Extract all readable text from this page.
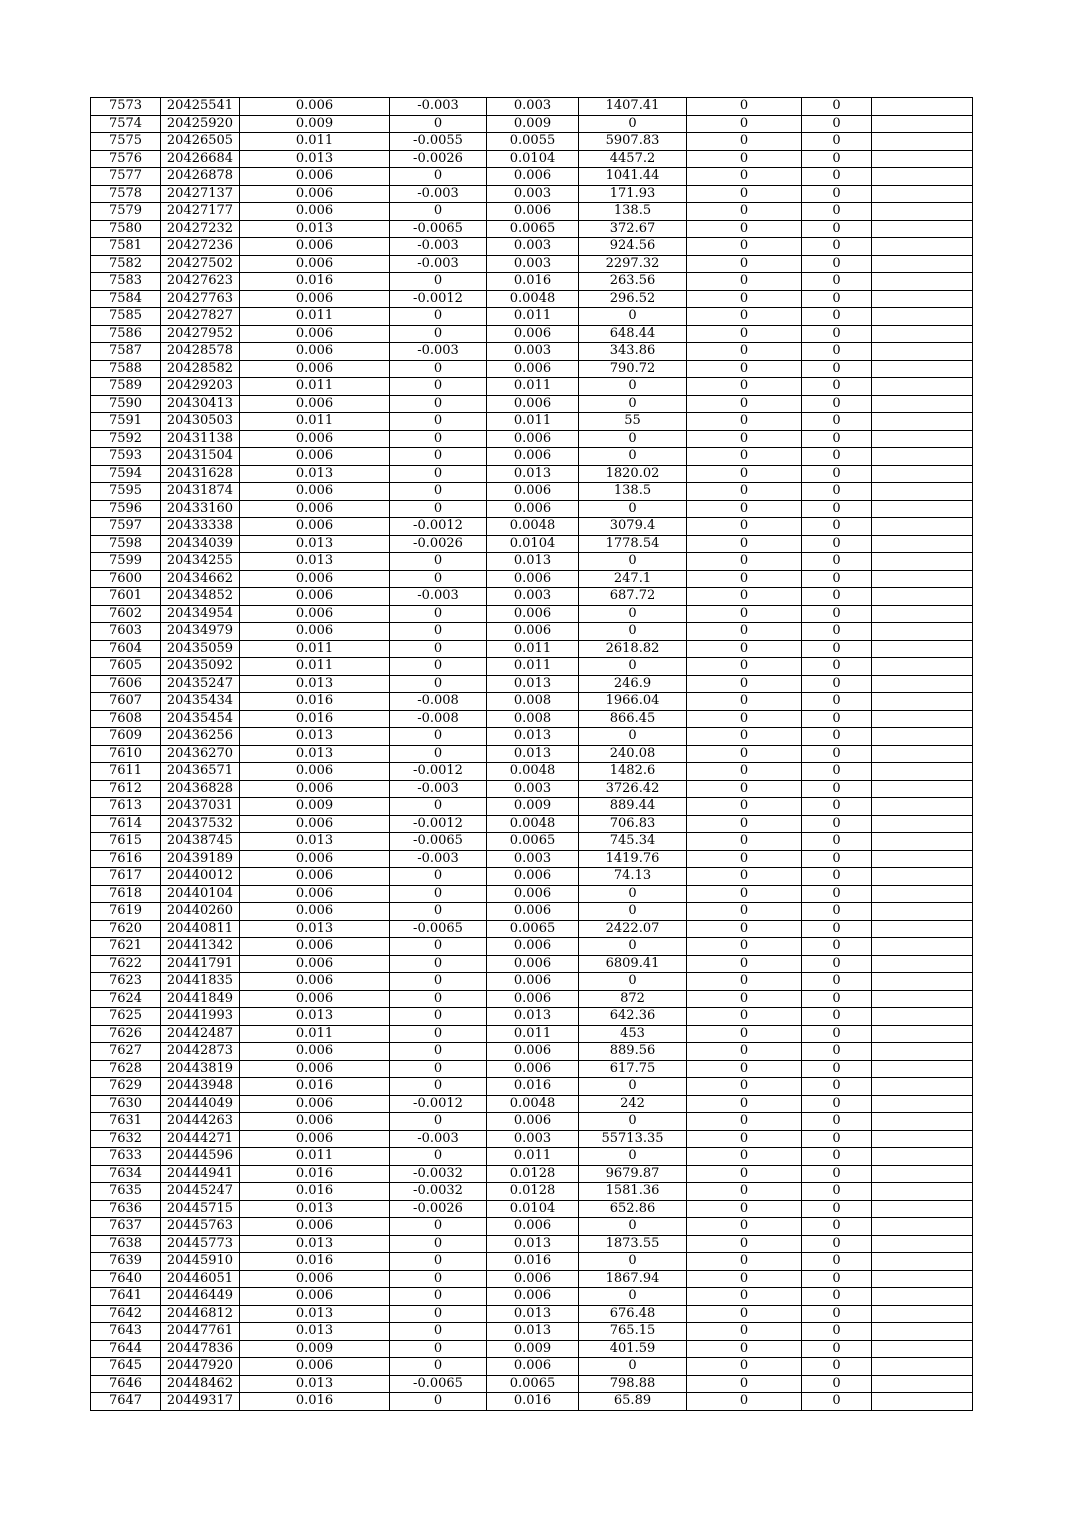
7573	20425541	0.006	-0.003	0.003	1407.41	0	0	
7574	20425920	0.009	0	0.009	0	0	0	
7575	20426505	0.011	-0.0055	0.0055	5907.83	0	0	
7576	20426684	0.013	-0.0026	0.0104	4457.2	0	0	
7577	20426878	0.006	0	0.006	1041.44	0	0	
7578	20427137	0.006	-0.003	0.003	171.93	0	0	
7579	20427177	0.006	0	0.006	138.5	0	0	
7580	20427232	0.013	-0.0065	0.0065	372.67	0	0	
7581	20427236	0.006	-0.003	0.003	924.56	0	0	
7582	20427502	0.006	-0.003	0.003	2297.32	0	0	
7583	20427623	0.016	0	0.016	263.56	0	0	
7584	20427763	0.006	-0.0012	0.0048	296.52	0	0	
7585	20427827	0.011	0	0.011	0	0	0	
7586	20427952	0.006	0	0.006	648.44	0	0	
7587	20428578	0.006	-0.003	0.003	343.86	0	0	
7588	20428582	0.006	0	0.006	790.72	0	0	
7589	20429203	0.011	0	0.011	0	0	0	
7590	20430413	0.006	0	0.006	0	0	0	
7591	20430503	0.011	0	0.011	55	0	0	
7592	20431138	0.006	0	0.006	0	0	0	
7593	20431504	0.006	0	0.006	0	0	0	
7594	20431628	0.013	0	0.013	1820.02	0	0	
7595	20431874	0.006	0	0.006	138.5	0	0	
7596	20433160	0.006	0	0.006	0	0	0	
7597	20433338	0.006	-0.0012	0.0048	3079.4	0	0	
7598	20434039	0.013	-0.0026	0.0104	1778.54	0	0	
7599	20434255	0.013	0	0.013	0	0	0	
7600	20434662	0.006	0	0.006	247.1	0	0	
7601	20434852	0.006	-0.003	0.003	687.72	0	0	
7602	20434954	0.006	0	0.006	0	0	0	
7603	20434979	0.006	0	0.006	0	0	0	
7604	20435059	0.011	0	0.011	2618.82	0	0	
7605	20435092	0.011	0	0.011	0	0	0	
7606	20435247	0.013	0	0.013	246.9	0	0	
7607	20435434	0.016	-0.008	0.008	1966.04	0	0	
7608	20435454	0.016	-0.008	0.008	866.45	0	0	
7609	20436256	0.013	0	0.013	0	0	0	
7610	20436270	0.013	0	0.013	240.08	0	0	
7611	20436571	0.006	-0.0012	0.0048	1482.6	0	0	
7612	20436828	0.006	-0.003	0.003	3726.42	0	0	
7613	20437031	0.009	0	0.009	889.44	0	0	
7614	20437532	0.006	-0.0012	0.0048	706.83	0	0	
7615	20438745	0.013	-0.0065	0.0065	745.34	0	0	
7616	20439189	0.006	-0.003	0.003	1419.76	0	0	
7617	20440012	0.006	0	0.006	74.13	0	0	
7618	20440104	0.006	0	0.006	0	0	0	
7619	20440260	0.006	0	0.006	0	0	0	
7620	20440811	0.013	-0.0065	0.0065	2422.07	0	0	
7621	20441342	0.006	0	0.006	0	0	0	
7622	20441791	0.006	0	0.006	6809.41	0	0	
7623	20441835	0.006	0	0.006	0	0	0	
7624	20441849	0.006	0	0.006	872	0	0	
7625	20441993	0.013	0	0.013	642.36	0	0	
7626	20442487	0.011	0	0.011	453	0	0	
7627	20442873	0.006	0	0.006	889.56	0	0	
7628	20443819	0.006	0	0.006	617.75	0	0	
7629	20443948	0.016	0	0.016	0	0	0	
7630	20444049	0.006	-0.0012	0.0048	242	0	0	
7631	20444263	0.006	0	0.006	0	0	0	
7632	20444271	0.006	-0.003	0.003	55713.35	0	0	
7633	20444596	0.011	0	0.011	0	0	0	
7634	20444941	0.016	-0.0032	0.0128	9679.87	0	0	
7635	20445247	0.016	-0.0032	0.0128	1581.36	0	0	
7636	20445715	0.013	-0.0026	0.0104	652.86	0	0	
7637	20445763	0.006	0	0.006	0	0	0	
7638	20445773	0.013	0	0.013	1873.55	0	0	
7639	20445910	0.016	0	0.016	0	0	0	
7640	20446051	0.006	0	0.006	1867.94	0	0	
7641	20446449	0.006	0	0.006	0	0	0	
7642	20446812	0.013	0	0.013	676.48	0	0	
7643	20447761	0.013	0	0.013	765.15	0	0	
7644	20447836	0.009	0	0.009	401.59	0	0	
7645	20447920	0.006	0	0.006	0	0	0	
7646	20448462	0.013	-0.0065	0.0065	798.88	0	0	
7647	20449317	0.016	0	0.016	65.89	0	0	
